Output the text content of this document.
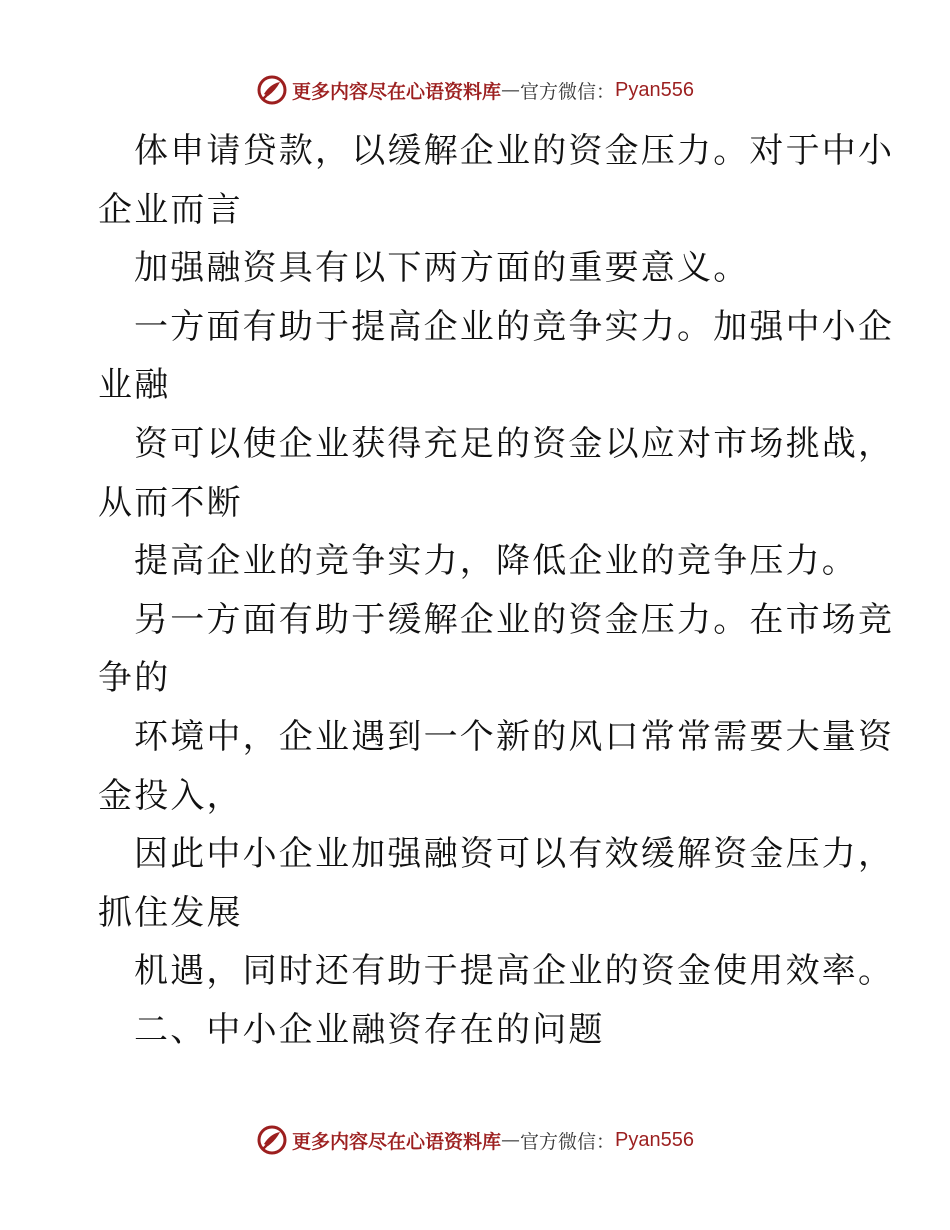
更多内容尽在心语资料库 — 官方微信： Pyan556

体申请贷款，以缓解企业的资金压力。对于中小

企业而言

加强融资具有以下两方面的重要意义。

一方面有助于提高企业的竞争实力。加强中小企

业融

资可以使企业获得充足的资金以应对市场挑战，

从而不断

提高企业的竞争实力，降低企业的竞争压力。

另一方面有助于缓解企业的资金压力。在市场竞

争的

环境中，企业遇到一个新的风口常常需要大量资

金投入，

因此中小企业加强融资可以有效缓解资金压力，

抓住发展

机遇，同时还有助于提高企业的资金使用效率。

二、中小企业融资存在的问题

更多内容尽在心语资料库 — 官方微信： Pyan556
